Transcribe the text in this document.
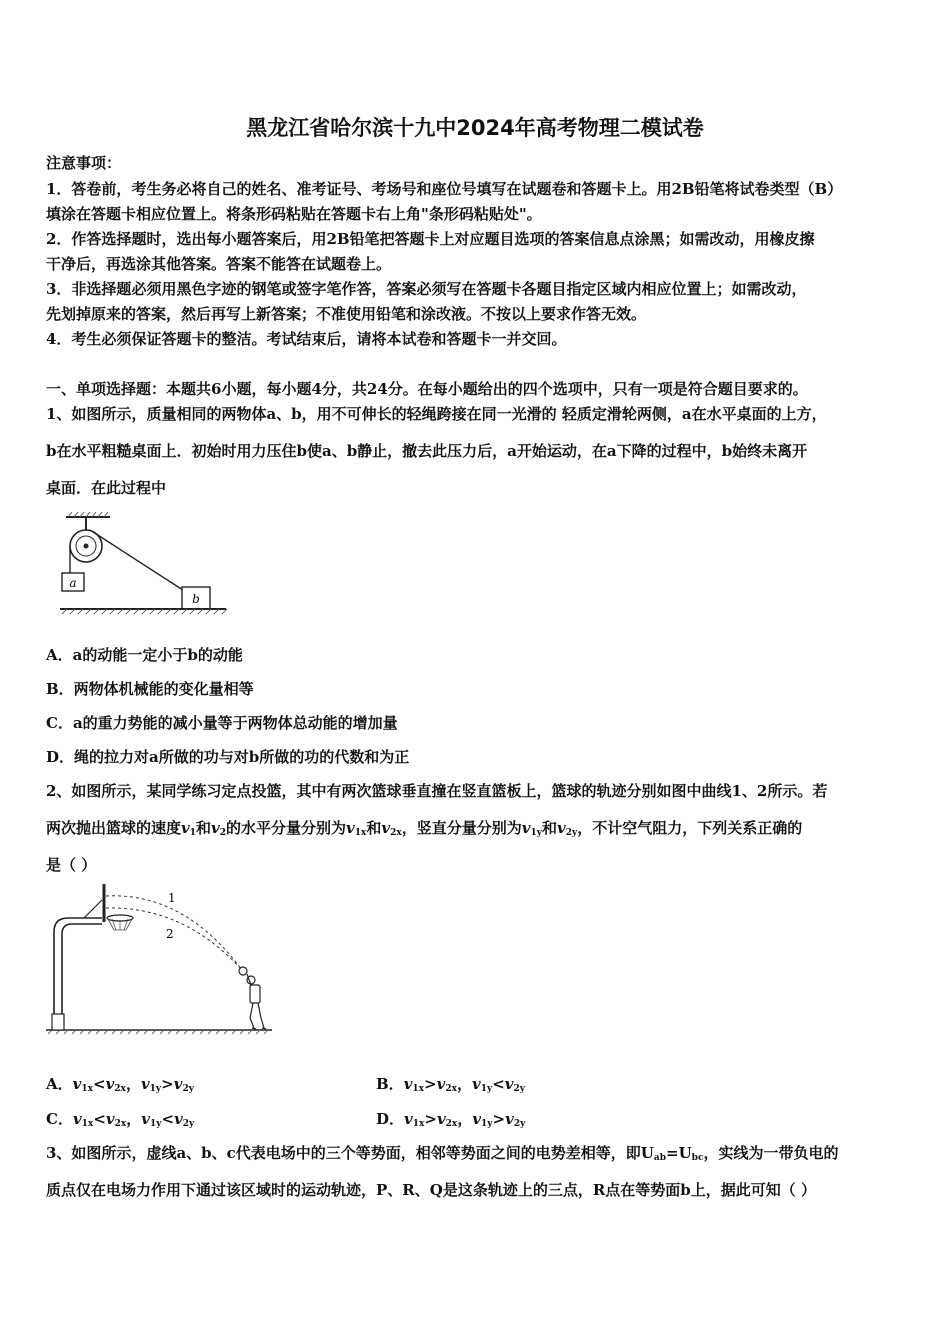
黑龙江省哈尔滨十九中2024年高考物理二模试卷
注意事项：
1．答卷前，考生务必将自己的姓名、准考证号、考场号和座位号填写在试题卷和答题卡上。用2B铅笔将试卷类型（B）
填涂在答题卡相应位置上。将条形码粘贴在答题卡右上角"条形码粘贴处"。
2．作答选择题时，选出每小题答案后，用2B铅笔把答题卡上对应题目选项的答案信息点涂黑；如需改动，用橡皮擦
干净后，再选涂其他答案。答案不能答在试题卷上。
3．非选择题必须用黑色字迹的钢笔或签字笔作答，答案必须写在答题卡各题目指定区域内相应位置上；如需改动，
先划掉原来的答案，然后再写上新答案；不准使用铅笔和涂改液。不按以上要求作答无效。
4．考生必须保证答题卡的整洁。考试结束后，请将本试卷和答题卡一并交回。
一、单项选择题：本题共6小题，每小题4分，共24分。在每小题给出的四个选项中，只有一项是符合题目要求的。
1、如图所示，质量相同的两物体a、b，用不可伸长的轻绳跨接在同一光滑的 轻质定滑轮两侧，a在水平桌面的上方，
b在水平粗糙桌面上．初始时用力压住b使a、b静止，撤去此压力后，a开始运动，在a下降的过程中，b始终未离开
桌面．在此过程中
a
b
A．a的动能一定小于b的动能
B．两物体机械能的变化量相等
C．a的重力势能的减小量等于两物体总动能的增加量
D．绳的拉力对a所做的功与对b所做的功的代数和为正
2、如图所示，某同学练习定点投篮，其中有两次篮球垂直撞在竖直篮板上，篮球的轨迹分别如图中曲线1、2所示。若
两次抛出篮球的速度$v_1$和$v_2$的水平分量分别为$v_{1x}$和$v_{2x}$，竖直分量分别为$v_{1y}$和$v_{2y}$，不计空气阻力，下列关系正确的
是（ ）
1
2
A．$v_{1x}<v_{2x}$，$v_{1y}>v_{2y}$	B．$v_{1x}>v_{2x}$，$v_{1y}<v_{2y}$
C．$v_{1x}<v_{2x}$，$v_{1y}<v_{2y}$	D．$v_{1x}>v_{2x}$，$v_{1y}>v_{2y}$
3、如图所示，虚线a、b、c代表电场中的三个等势面，相邻等势面之间的电势差相等，即$U_{ab}=U_{bc}$，实线为一带负电的
质点仅在电场力作用下通过该区域时的运动轨迹，P、R、Q是这条轨迹上的三点，R点在等势面b上，据此可知（ ）
